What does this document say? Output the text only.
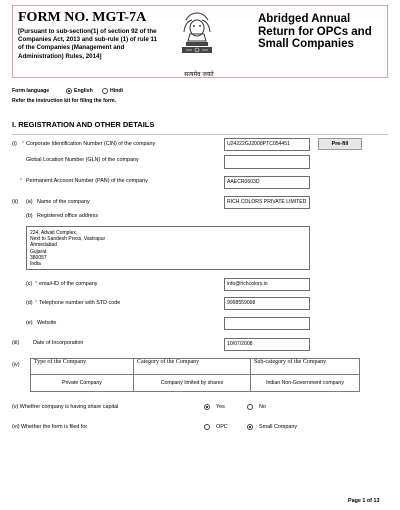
FORM NO. MGT-7A
[Pursuant to sub-section(1) of section 92 of the Companies Act, 2013 and sub-rule (1) of rule 11 of the Companies (Management and Administration) Rules, 2014]
सत्यमेव जयते
Abridged Annual Return for OPCs and Small Companies
Form language	English	Hindi
Refer the instruction kit for filing the form.
I. REGISTRATION AND OTHER DETAILS
(i) * Corporate Identification Number (CIN) of the company	U24222GJ2008PTC054451	Pre-fill
Global Location Number (GLN) of the company
* Permanent Account Number (PAN) of the company	AAECR0603D
(ii) (a) Name of the company	RICH COLORS PRIVATE LIMITED
(b) Registered office address
224, Advait Complex,
Next to Sandesh Press, Vastrapur
Ahmedabad
Gujarat
380057
India
(c) * email-ID of the company	info@richcolors.in
(d) * Telephone number with STD code	9998559098
(e) Website
(iii)	Date of Incorporation	10/07/2008
(iv) Type of the Company	Category of the Company	Sub-category of the Company
Private Company	Company limited by shares	Indian Non-Government company
(v) Whether company is having share capital	Yes	No
(vi) Whether the form is filed for	OPC	Small Company
Page 1 of 13
